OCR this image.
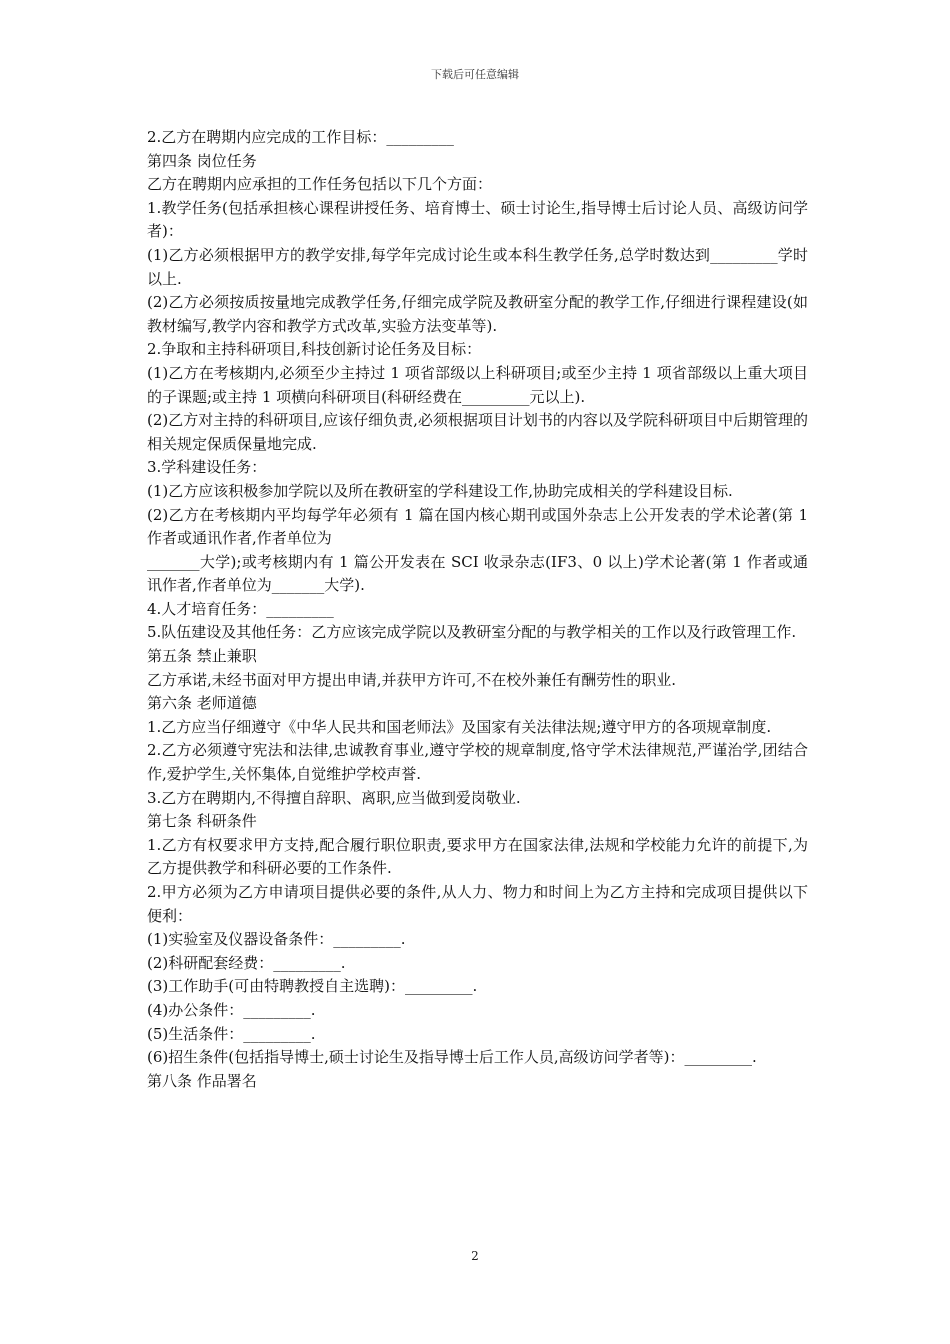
下载后可任意编辑

2.乙方在聘期内应完成的工作目标：_________

第四条 岗位任务

乙方在聘期内应承担的工作任务包括以下几个方面：

1.教学任务(包括承担核心课程讲授任务、培育博士、硕士讨论生,指导博士后讨论人员、高级访问学者)：

(1)乙方必须根据甲方的教学安排,每学年完成讨论生或本科生教学任务,总学时数达到_________学时以上.

(2)乙方必须按质按量地完成教学任务,仔细完成学院及教研室分配的教学工作,仔细进行课程建设(如教材编写,教学内容和教学方式改革,实验方法变革等).

2.争取和主持科研项目,科技创新讨论任务及目标：

(1)乙方在考核期内,必须至少主持过 1 项省部级以上科研项目;或至少主持 1 项省部级以上重大项目的子课题;或主持 1 项横向科研项目(科研经费在_________元以上).

(2)乙方对主持的科研项目,应该仔细负责,必须根据项目计划书的内容以及学院科研项目中后期管理的相关规定保质保量地完成.

3.学科建设任务：

(1)乙方应该积极参加学院以及所在教研室的学科建设工作,协助完成相关的学科建设目标.

(2)乙方在考核期内平均每学年必须有 1 篇在国内核心期刊或国外杂志上公开发表的学术论著(第 1 作者或通讯作者,作者单位为
_______大学);或考核期内有 1 篇公开发表在 SCI 收录杂志(IF3、0 以上)学术论著(第 1 作者或通讯作者,作者单位为_______大学).

4.人才培育任务：_________

5.队伍建设及其他任务：乙方应该完成学院以及教研室分配的与教学相关的工作以及行政管理工作.

第五条 禁止兼职

乙方承诺,未经书面对甲方提出申请,并获甲方许可,不在校外兼任有酬劳性的职业.

第六条 老师道德

1.乙方应当仔细遵守《中华人民共和国老师法》及国家有关法律法规;遵守甲方的各项规章制度.

2.乙方必须遵守宪法和法律,忠诚教育事业,遵守学校的规章制度,恪守学术法律规范,严谨治学,团结合作,爱护学生,关怀集体,自觉维护学校声誉.

3.乙方在聘期内,不得擅自辞职、离职,应当做到爱岗敬业.

第七条 科研条件

1.乙方有权要求甲方支持,配合履行职位职责,要求甲方在国家法律,法规和学校能力允许的前提下,为乙方提供教学和科研必要的工作条件.

2.甲方必须为乙方申请项目提供必要的条件,从人力、物力和时间上为乙方主持和完成项目提供以下便利：

(1)实验室及仪器设备条件：_________.

(2)科研配套经费：_________.

(3)工作助手(可由特聘教授自主选聘)：_________.

(4)办公条件：_________.

(5)生活条件：_________.

(6)招生条件(包括指导博士,硕士讨论生及指导博士后工作人员,高级访问学者等)：_________.

第八条 作品署名

2
